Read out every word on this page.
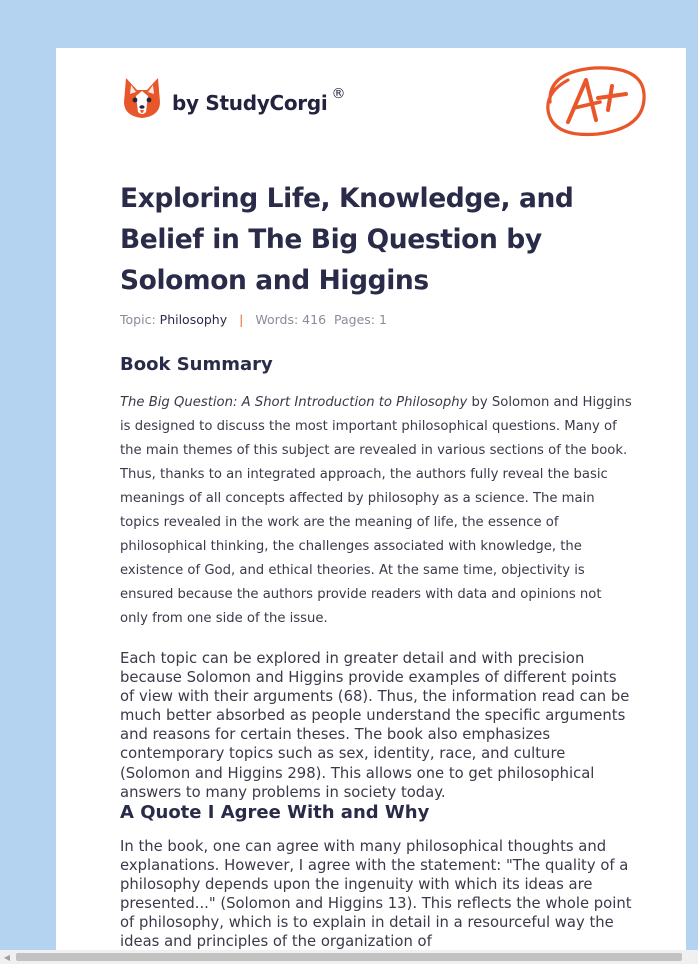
by StudyCorgi ®
Exploring Life, Knowledge, and Belief in The Big Question by Solomon and Higgins
Topic: Philosophy | Words: 416 Pages: 1
Book Summary

The Big Question: A Short Introduction to Philosophy by Solomon and Higgins is designed to discuss the most important philosophical questions. Many of the main themes of this subject are revealed in various sections of the book. Thus, thanks to an integrated approach, the authors fully reveal the basic meanings of all concepts affected by philosophy as a science. The main topics revealed in the work are the meaning of life, the essence of philosophical thinking, the challenges associated with knowledge, the existence of God, and ethical theories. At the same time, objectivity is ensured because the authors provide readers with data and opinions not only from one side of the issue.

Each topic can be explored in greater detail and with precision because Solomon and Higgins provide examples of different points of view with their arguments (68). Thus, the information read can be much better absorbed as people understand the specific arguments and reasons for certain theses. The book also emphasizes contemporary topics such as sex, identity, race, and culture (Solomon and Higgins 298). This allows one to get philosophical answers to many problems in society today.

A Quote I Agree With and Why

In the book, one can agree with many philosophical thoughts and explanations. However, I agree with the statement: "The quality of a philosophy depends upon the ingenuity with which its ideas are presented..." (Solomon and Higgins 13). This reflects the whole point of philosophy, which is to explain in detail in a resourceful way the ideas and principles of the organization of

◀
